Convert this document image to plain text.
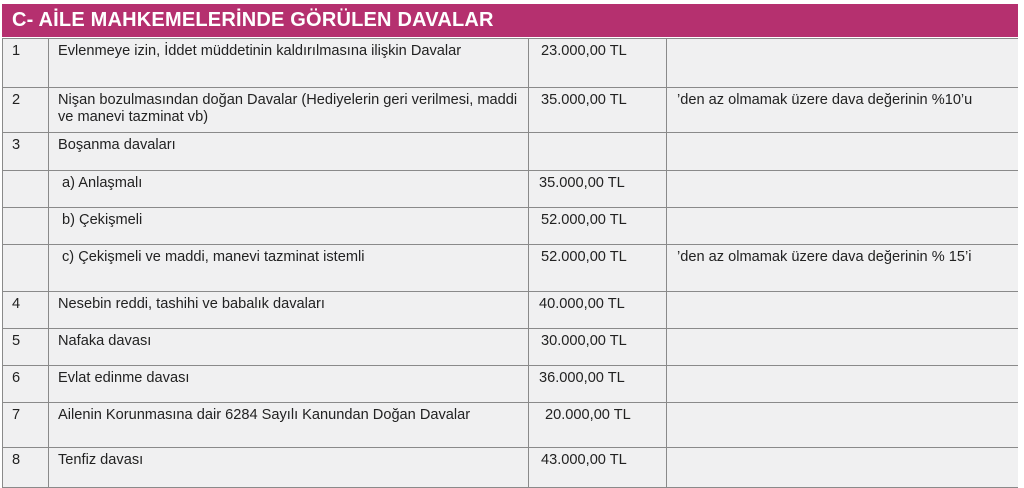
C- AİLE MAHKEMELERİNDE GÖRÜLEN DAVALAR
1	Evlenmeye izin, İddet müddetinin kaldırılmasına ilişkin Davalar	23.000,00 TL	
2	Nişan bozulmasından doğan Davalar (Hediyelerin geri verilmesi, maddi ve manevi tazminat vb)	35.000,00 TL	’den az olmamak üzere dava değerinin %10’u
3	Boşanma davaları		
	a) Anlaşmalı	35.000,00 TL	
	b) Çekişmeli	52.000,00 TL	
	c) Çekişmeli ve maddi, manevi tazminat istemli	52.000,00 TL	’den az olmamak üzere dava değerinin % 15’i
4	Nesebin reddi, tashihi ve babalık davaları	40.000,00 TL	
5	Nafaka davası	30.000,00 TL	
6	Evlat edinme davası	36.000,00 TL	
7	Ailenin Korunmasına dair 6284 Sayılı Kanundan Doğan Davalar	20.000,00 TL	
8	Tenfiz davası	43.000,00 TL	
